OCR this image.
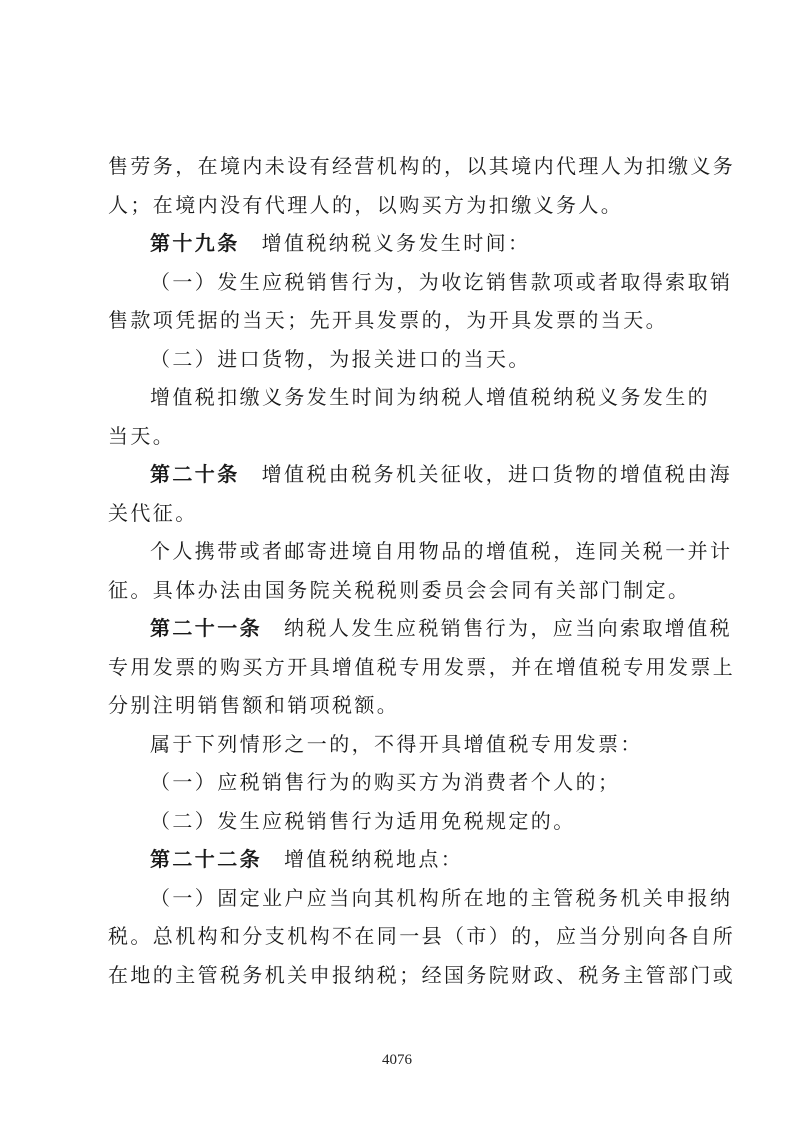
售劳务，在境内未设有经营机构的，以其境内代理人为扣缴义务
人；在境内没有代理人的，以购买方为扣缴义务人。
第十九条 增值税纳税义务发生时间：
（一）发生应税销售行为，为收讫销售款项或者取得索取销
售款项凭据的当天；先开具发票的，为开具发票的当天。
（二）进口货物，为报关进口的当天。
增值税扣缴义务发生时间为纳税人增值税纳税义务发生的
当天。
第二十条 增值税由税务机关征收，进口货物的增值税由海
关代征。
个人携带或者邮寄进境自用物品的增值税，连同关税一并计
征。具体办法由国务院关税税则委员会会同有关部门制定。
第二十一条 纳税人发生应税销售行为，应当向索取增值税
专用发票的购买方开具增值税专用发票，并在增值税专用发票上
分别注明销售额和销项税额。
属于下列情形之一的，不得开具增值税专用发票：
（一）应税销售行为的购买方为消费者个人的；
（二）发生应税销售行为适用免税规定的。
第二十二条 增值税纳税地点：
（一）固定业户应当向其机构所在地的主管税务机关申报纳
税。总机构和分支机构不在同一县（市）的，应当分别向各自所
在地的主管税务机关申报纳税；经国务院财政、税务主管部门或
4076
